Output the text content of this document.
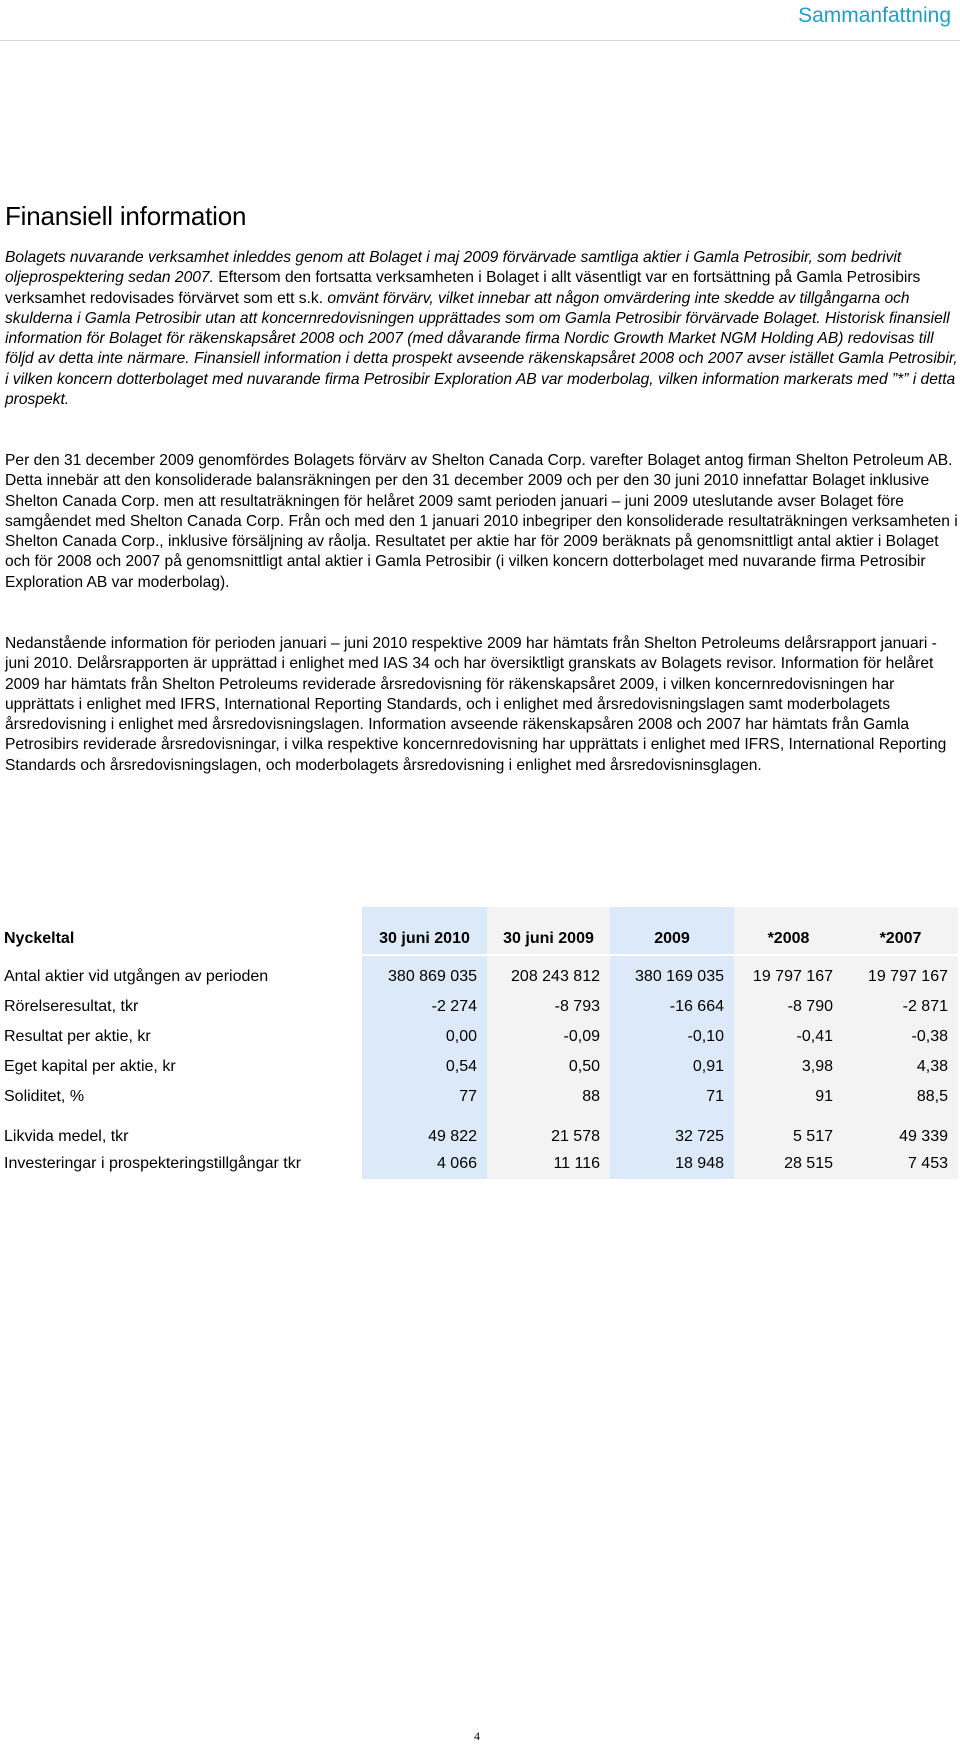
Sammanfattning
Finansiell information

Bolagets nuvarande verksamhet inleddes genom att Bolaget i maj 2009 förvärvade samtliga aktier i Gamla Petrosibir, som bedrivit oljeprospektering sedan 2007. Eftersom den fortsatta verksamheten i Bolaget i allt väsentligt var en fortsättning på Gamla Petrosibirs verksamhet redovisades förvärvet som ett s.k. omvänt förvärv, vilket innebar att någon omvärdering inte skedde av tillgångarna och skulderna i Gamla Petrosibir utan att koncernredovisningen upprättades som om Gamla Petrosibir förvärvade Bolaget. Historisk finansiell information för Bolaget för räkenskapsåret 2008 och 2007 (med dåvarande firma Nordic Growth Market NGM Holding AB) redovisas till följd av detta inte närmare. Finansiell information i detta prospekt avseende räkenskapsåret 2008 och 2007 avser istället Gamla Petrosibir, i vilken koncern dotterbolaget med nuvarande firma Petrosibir Exploration AB var moderbolag, vilken information markerats med ”*” i detta prospekt.

Per den 31 december 2009 genomfördes Bolagets förvärv av Shelton Canada Corp. varefter Bolaget antog firman Shelton Petroleum AB. Detta innebär att den konsoliderade balansräkningen per den 31 december 2009 och per den 30 juni 2010 innefattar Bolaget inklusive Shelton Canada Corp. men att resultaträkningen för helåret 2009 samt perioden januari – juni 2009 uteslutande avser Bolaget före samgåendet med Shelton Canada Corp. Från och med den 1 januari 2010 inbegriper den konsoliderade resultaträkningen verksamheten i Shelton Canada Corp., inklusive försäljning av råolja. Resultatet per aktie har för 2009 beräknats på genomsnittligt antal aktier i Bolaget och för 2008 och 2007 på genomsnittligt antal aktier i Gamla Petrosibir (i vilken koncern dotterbolaget med nuvarande firma Petrosibir Exploration AB var moderbolag).

Nedanstående information för perioden januari – juni 2010 respektive 2009 har hämtats från Shelton Petroleums delårsrapport januari - juni 2010. Delårsrapporten är upprättad i enlighet med IAS 34 och har översiktligt granskats av Bolagets revisor. Information för helåret 2009 har hämtats från Shelton Petroleums reviderade årsredovisning för räkenskapsåret 2009, i vilken koncernredovisningen har upprättats i enlighet med IFRS, International Reporting Standards, och i enlighet med årsredovisningslagen samt moderbolagets årsredovisning i enlighet med årsredovisningslagen. Information avseende räkenskapsåren 2008 och 2007 har hämtats från Gamla Petrosibirs reviderade årsredovisningar, i vilka respektive koncernredovisning har upprättats i enlighet med IFRS, International Reporting Standards och årsredovisningslagen, och moderbolagets årsredovisning i enlighet med årsredovisninsglagen.

Nyckeltal	30 juni 2010	30 juni 2009	2009	*2008	*2007
Antal aktier vid utgången av perioden	380 869 035	208 243 812	380 169 035	19 797 167	19 797 167
Rörelseresultat, tkr	-2 274	-8 793	-16 664	-8 790	-2 871
Resultat per aktie, kr	0,00	-0,09	-0,10	-0,41	-0,38
Eget kapital per aktie, kr	0,54	0,50	0,91	3,98	4,38
Soliditet, %	77	88	71	91	88,5
Likvida medel, tkr	49 822	21 578	32 725	5 517	49 339
Investeringar i prospekteringstillgångar tkr	4 066	11 116	18 948	28 515	7 453
4
